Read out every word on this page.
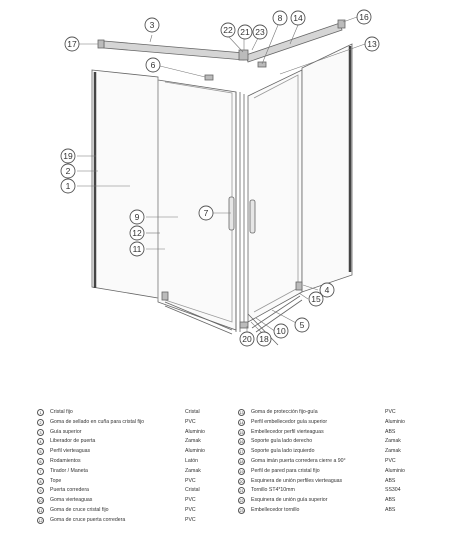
3	22 21 23
8 14	16
17	13
6
19
2
1
7
9
12
11
4
15
5
10
20 18
1	Cristal fijo	Cristal
2	Goma de sellado en cuña para cristal fijo	PVC
3	Guía superior	Aluminio
4	Liberador de puerta	Zamak
5	Perfil vierteaguas	Aluminio
6	Rodamientos	Latón
7	Tirador / Maneta	Zamak
8	Tope	PVC
9	Puerta corredera	Cristal
10 Goma vierteaguas	PVC
11	Goma de cruce cristal fijo	PVC
12 Goma de cruce puerta corredera	PVC
13 Goma de protección fijo-guía	PVC
14 Perfil embellecedor guía superior	Aluminio
15 Embellecedor perfil vierteaguas	ABS
16 Soporte guía lado derecho	Zamak
17 Soporte guía lado izquierdo	Zamak
18 Goma imán puerta corredera cierre a 90°	PVC
19 Perfil de pared para cristal fijo	Aluminio
20 Esquinera de unión perfiles vierteaguas	ABS
21 Tornillo ST4*10mm	SS304
22 Esquinera de unión guía superior	ABS
23 Embellecedor tornillo	ABS
